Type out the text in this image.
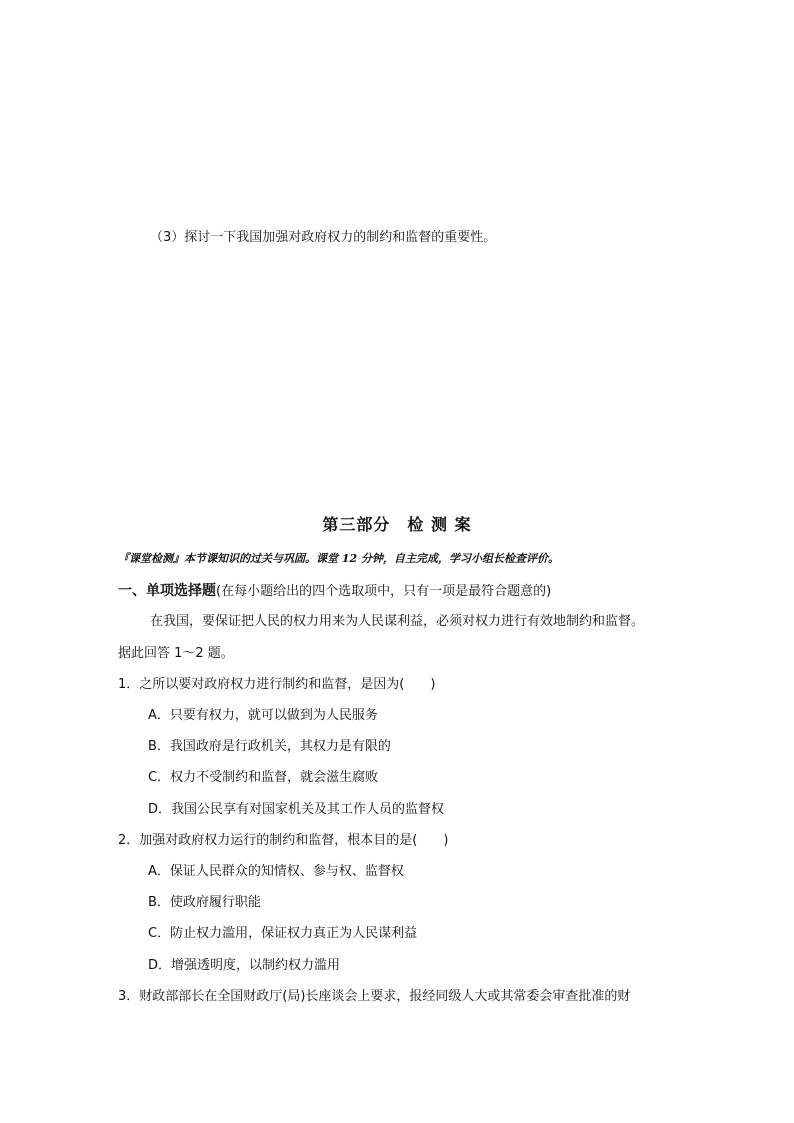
（3）探讨一下我国加强对政府权力的制约和监督的重要性。
第三部分　检 测 案
『课堂检测』本节课知识的过关与巩固。课堂 12 分钟，自主完成，学习小组长检查评价。
一、单项选择题(在每小题给出的四个选取项中，只有一项是最符合题意的)
在我国，要保证把人民的权力用来为人民谋利益，必须对权力进行有效地制约和监督。
据此回答 1～2 题。
1．之所以要对政府权力进行制约和监督，是因为(　　)
A．只要有权力，就可以做到为人民服务
B．我国政府是行政机关，其权力是有限的
C．权力不受制约和监督，就会滋生腐败
D．我国公民享有对国家机关及其工作人员的监督权
2．加强对政府权力运行的制约和监督，根本目的是(　　)
A．保证人民群众的知情权、参与权、监督权
B．使政府履行职能
C．防止权力滥用，保证权力真正为人民谋利益
D．增强透明度，以制约权力滥用
3．财政部部长在全国财政厅(局)长座谈会上要求，报经同级人大或其常委会审查批准的财
